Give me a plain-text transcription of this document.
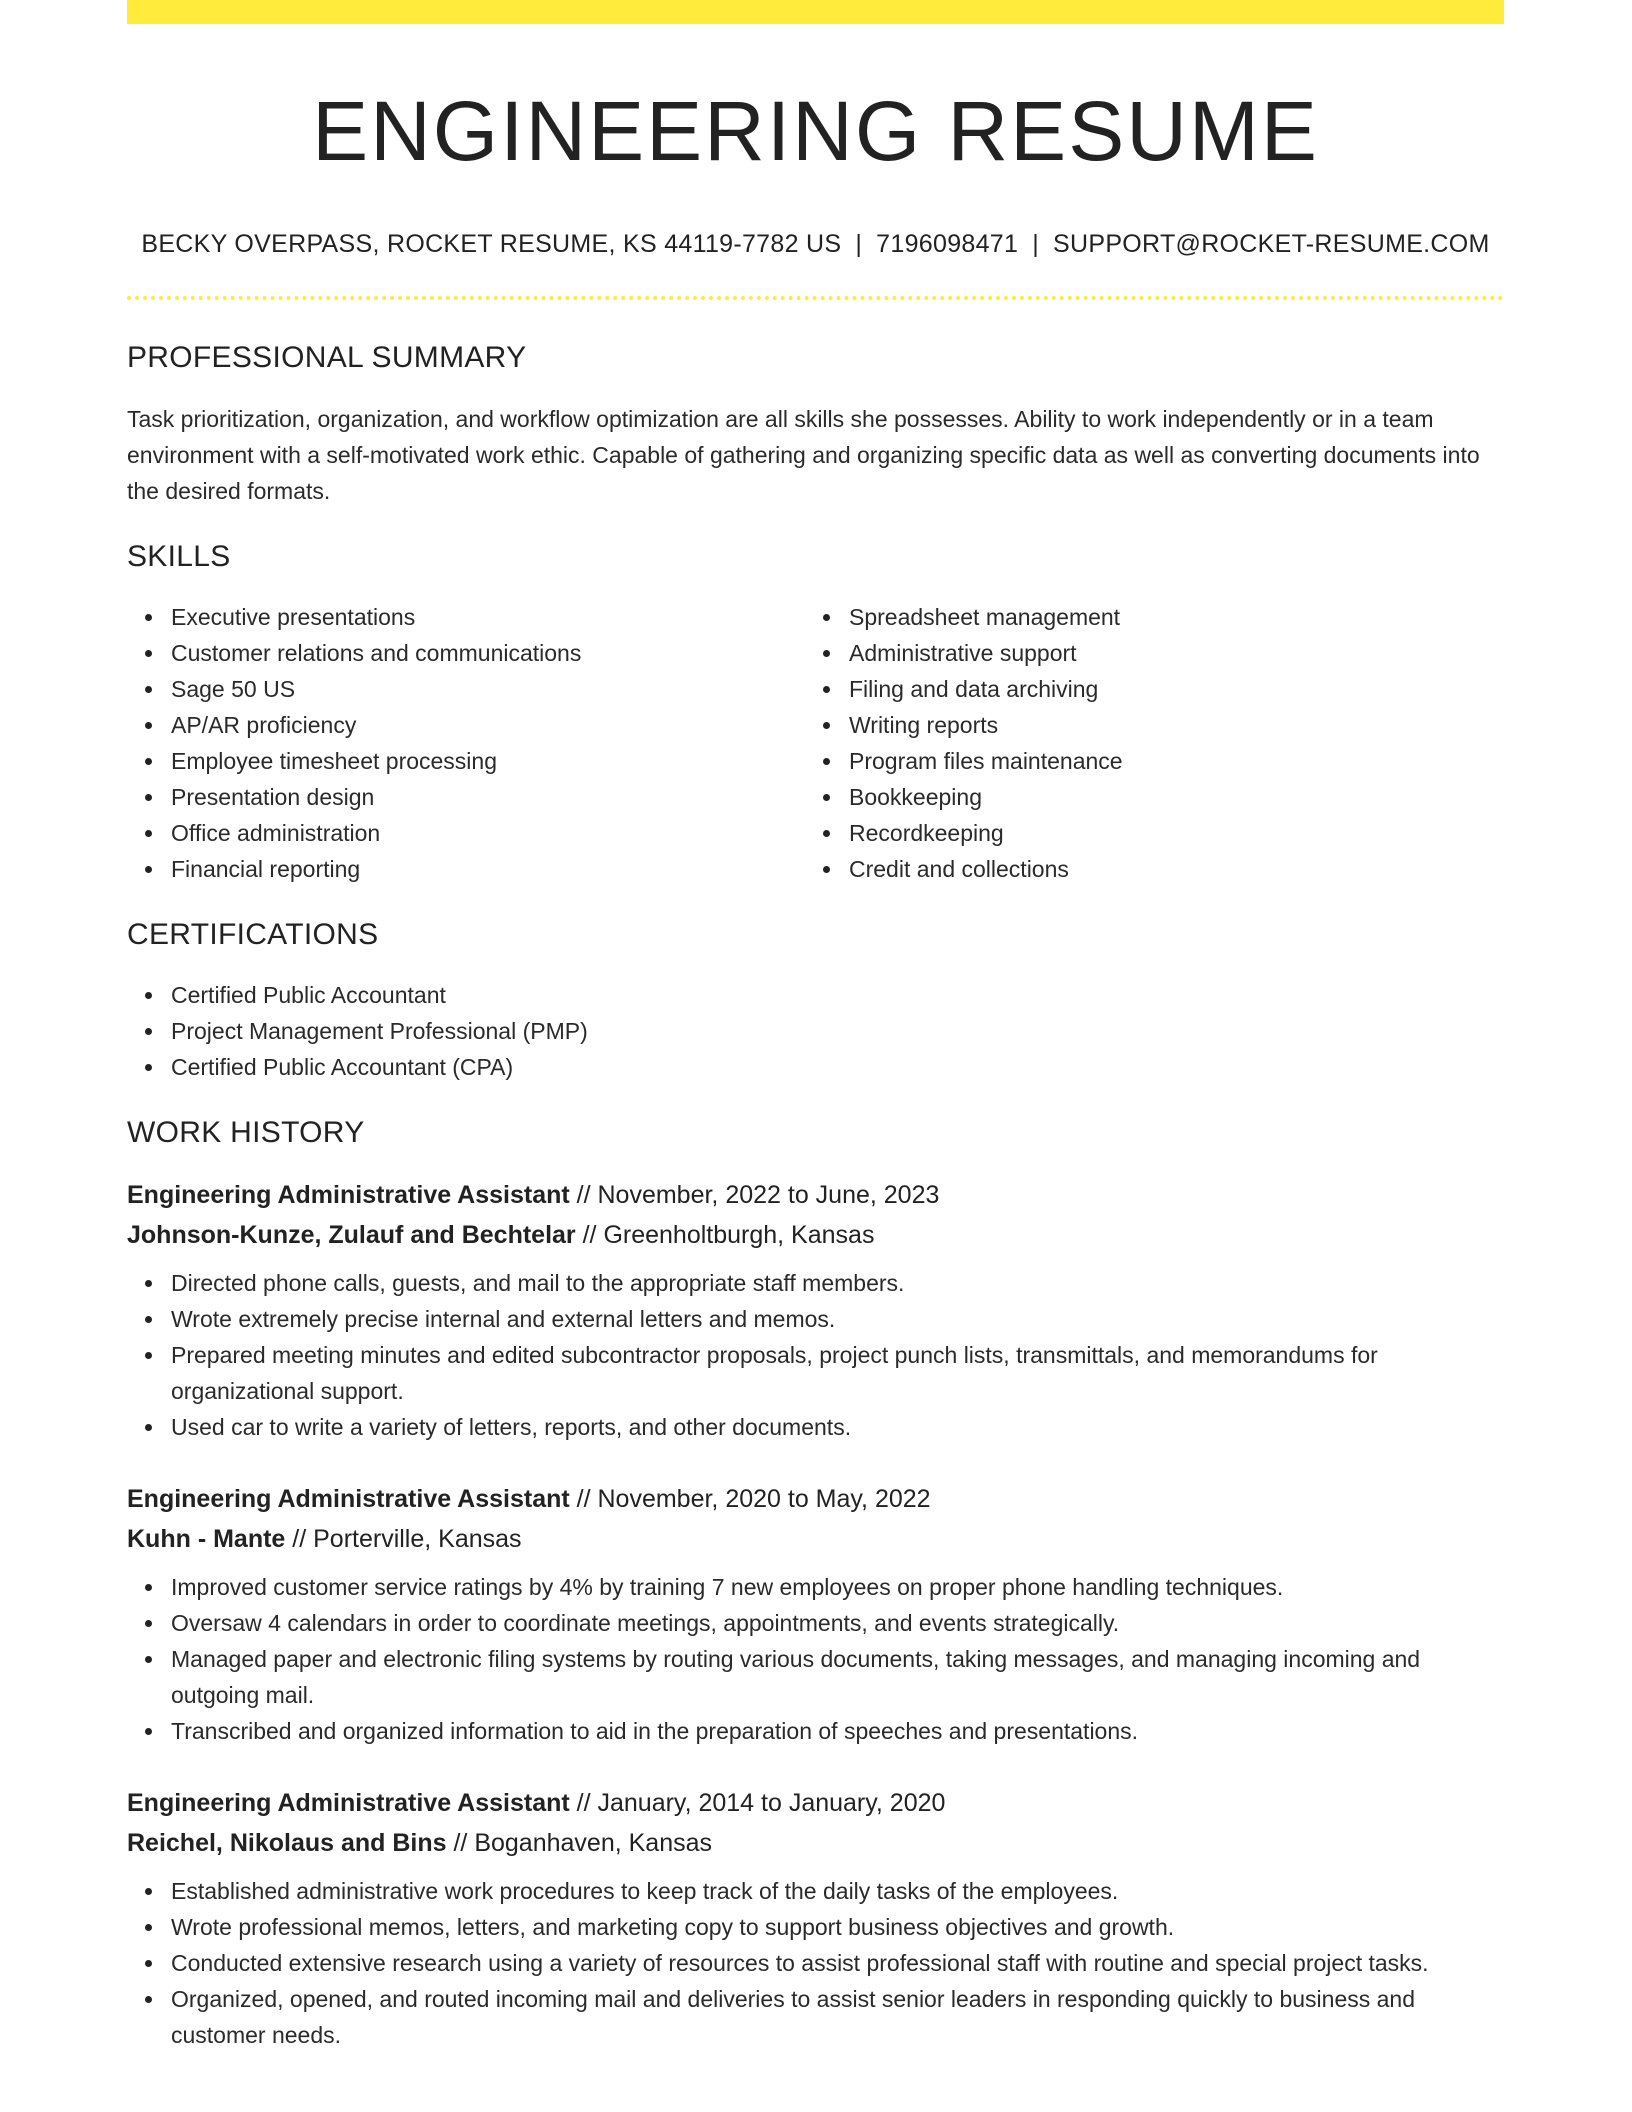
ENGINEERING RESUME
BECKY OVERPASS, ROCKET RESUME, KS 44119-7782 US | 7196098471 | SUPPORT@ROCKET-RESUME.COM
PROFESSIONAL SUMMARY

Task prioritization, organization, and workflow optimization are all skills she possesses. Ability to work independently or in a team environment with a self-motivated work ethic. Capable of gathering and organizing specific data as well as converting documents into the desired formats.

SKILLS
Executive presentations
Customer relations and communications
Sage 50 US
AP/AR proficiency
Employee timesheet processing
Presentation design
Office administration
Financial reporting
Spreadsheet management
Administrative support
Filing and data archiving
Writing reports
Program files maintenance
Bookkeeping
Recordkeeping
Credit and collections
CERTIFICATIONS
Certified Public Accountant
Project Management Professional (PMP)
Certified Public Accountant (CPA)
WORK HISTORY
Engineering Administrative Assistant // November, 2022 to June, 2023
Johnson-Kunze, Zulauf and Bechtelar // Greenholtburgh, Kansas
Directed phone calls, guests, and mail to the appropriate staff members.
Wrote extremely precise internal and external letters and memos.
Prepared meeting minutes and edited subcontractor proposals, project punch lists, transmittals, and memorandums for organizational support.
Used car to write a variety of letters, reports, and other documents.
Engineering Administrative Assistant // November, 2020 to May, 2022
Kuhn - Mante // Porterville, Kansas
Improved customer service ratings by 4% by training 7 new employees on proper phone handling techniques.
Oversaw 4 calendars in order to coordinate meetings, appointments, and events strategically.
Managed paper and electronic filing systems by routing various documents, taking messages, and managing incoming and outgoing mail.
Transcribed and organized information to aid in the preparation of speeches and presentations.
Engineering Administrative Assistant // January, 2014 to January, 2020
Reichel, Nikolaus and Bins // Boganhaven, Kansas
Established administrative work procedures to keep track of the daily tasks of the employees.
Wrote professional memos, letters, and marketing copy to support business objectives and growth.
Conducted extensive research using a variety of resources to assist professional staff with routine and special project tasks.
Organized, opened, and routed incoming mail and deliveries to assist senior leaders in responding quickly to business and customer needs.
